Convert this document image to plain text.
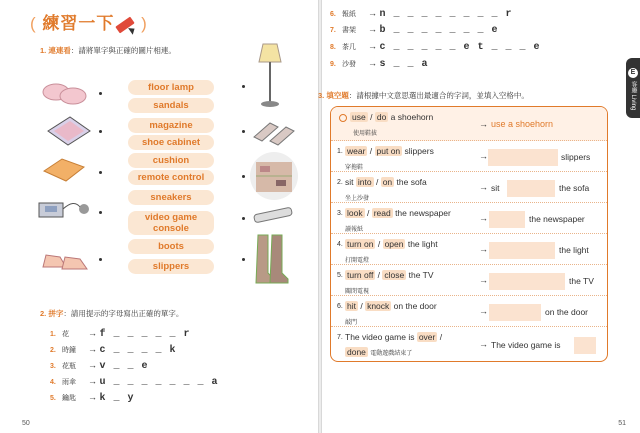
( 練習一下 )
1. 連連看：請將單字與正確的圖片相連。
floor lamp
sandals
magazine
shoe cabinet
cushion
remote control
sneakers
video game console
boots
slippers
2. 拼字：請用提示的字母寫出正確的單字。
1. 花 → f _ _ _ _ _ r
2. 時鐘 → c _ _ _ _ k
3. 花瓶 → v _ _ e
4. 雨傘 → u _ _ _ _ _ _ _ a
5. 鑰匙 → k _ y
50
6. 報紙 → n _ _ _ _ _ _ _ _ r
7. 書架 → b _ _ _ _ _ _ _ e
8. 茶几 → c _ _ _ _ _ e t _ _ _ e
9. 沙發 → s _ _ a
3. 填空題：請根據中文意思選出最適合的字詞，並填入空格中。
E客廳 Living Room
51
use / do a shoehorn
使用鞋拔
→ use a shoehorn
1. wear / put on slippers
穿拖鞋
→	slippers
2. sit into / on the sofa
坐上沙發
→ sit	the sofa
3. look / read the newspaper
讀報紙
→	the newspaper
4. turn on / open the light
打開電燈
→	the light
5. turn off / close the TV
關閉電視
→	the TV
6. hit / knock on the door
敲門
→	on the door
7. The video game is over /
done 電動遊戲結束了
→ The video game is
